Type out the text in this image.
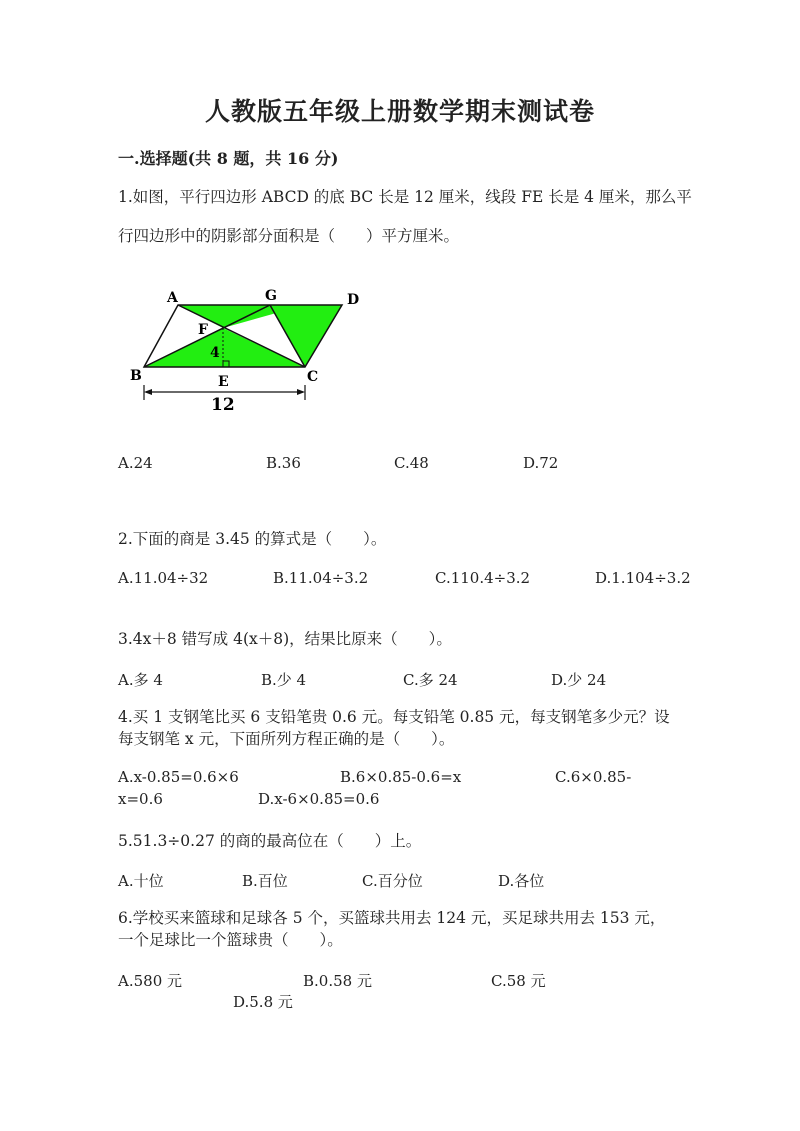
人教版五年级上册数学期末测试卷
一.选择题(共 8 题，共 16 分)
1.如图，平行四边形 ABCD 的底 BC 长是 12 厘米，线段 FE 长是 4 厘米，那么平
行四边形中的阴影部分面积是（　　）平方厘米。
A	G	D
F
4
B	E	C
12
A.24	B.36	C.48	D.72
2.下面的商是 3.45 的算式是（　　）。
A.11.04÷32	B.11.04÷3.2	C.110.4÷3.2	D.1.104÷3.2
3.4x＋8 错写成 4(x＋8)，结果比原来（　　）。
A.多 4	B.少 4	C.多 24	D.少 24
4.买 1 支钢笔比买 6 支铅笔贵 0.6 元。每支铅笔 0.85 元，每支钢笔多少元？设
每支钢笔 x 元，下面所列方程正确的是（　　）。
A.x-0.85=0.6×6	B.6×0.85-0.6=x	C.6×0.85-
x=0.6	D.x-6×0.85=0.6
5.51.3÷0.27 的商的最高位在（　　）上。
A.十位	B.百位	C.百分位	D.各位
6.学校买来篮球和足球各 5 个，买篮球共用去 124 元，买足球共用去 153 元，
一个足球比一个篮球贵（　　）。
A.580 元	B.0.58 元	C.58 元
D.5.8 元
